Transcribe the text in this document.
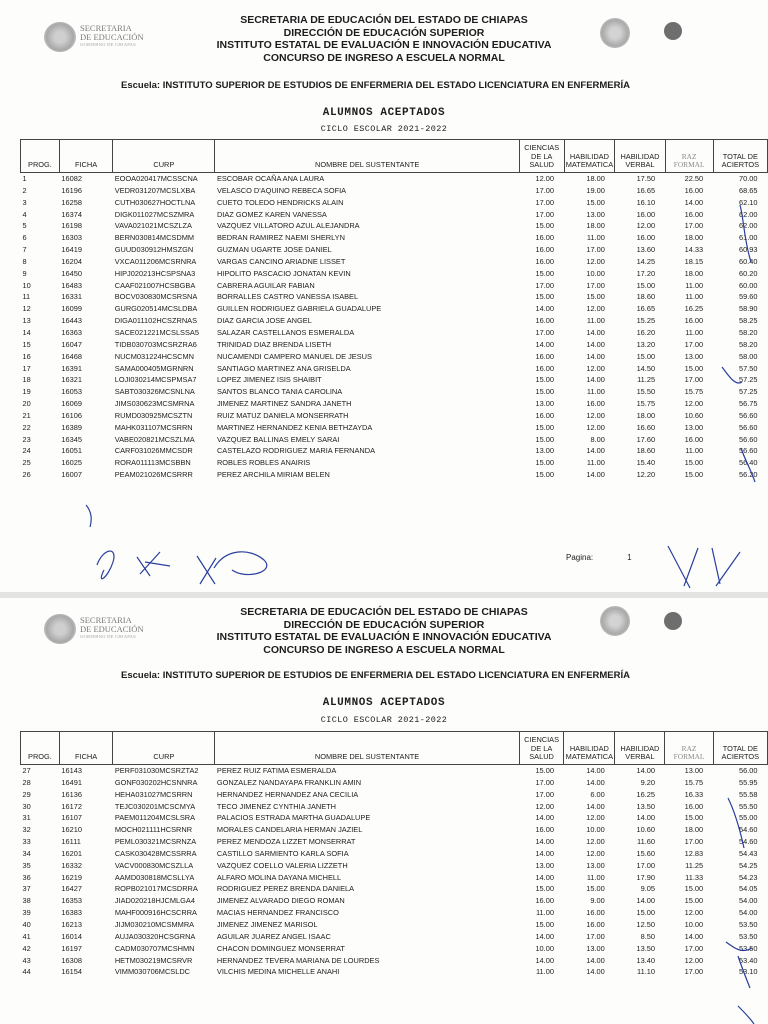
SECRETARIA
DE EDUCACIÓN
GOBIERNO DE CHIAPAS
SECRETARIA DE EDUCACIÓN DEL ESTADO DE CHIAPAS
DIRECCIÓN DE EDUCACIÓN SUPERIOR
INSTITUTO ESTATAL DE EVALUACIÓN E INNOVACIÓN EDUCATIVA
CONCURSO DE INGRESO A ESCUELA NORMAL
Escuela: INSTITUTO SUPERIOR DE ESTUDIOS DE ENFERMERIA DEL ESTADO LICENCIATURA EN ENFERMERÍA
ALUMNOS ACEPTADOS
CICLO ESCOLAR 2021-2022
PROG.	FICHA	CURP	NOMBRE DEL SUSTENTANTE	CIENCIAS DE LA SALUD	HABILIDAD MATEMATICA	HABILIDAD VERBAL	RAZ FORMAL	TOTAL DE ACIERTOS
1	16082	EOOA020417MCSSCNA	ESCOBAR OCAÑA ANA LAURA	12.00	18.00	17.50	22.50	70.00
2	16196	VEDR031207MCSLXBA	VELASCO D'AQUINO REBECA SOFIA	17.00	19.00	16.65	16.00	68.65
3	16258	CUTH030627HOCTLNA	CUETO TOLEDO HENDRICKS ALAIN	17.00	15.00	16.10	14.00	62.10
4	16374	DIGK011027MCSZMRA	DIAZ GOMEZ KAREN VANESSA	17.00	13.00	16.00	16.00	62.00
5	16198	VAVA021021MCSZLZA	VAZQUEZ VILLATORO AZUL ALEJANDRA	15.00	18.00	12.00	17.00	62.00
6	16303	BERN030814MCSDMM	BEDRAN RAMIREZ NAEMI SHERLYN	16.00	11.00	16.00	18.00	61.00
7	16419	GUUD030912HMSZGN	GUZMAN UGARTE JOSE DANIEL	16.00	17.00	13.60	14.33	60.93
8	16204	VXCA011206MCSRNRA	VARGAS CANCINO ARIADNE LISSET	16.00	12.00	14.25	18.15	60.40
9	16450	HIPJ020213HCSPSNA3	HIPOLITO PASCACIO JONATAN KEVIN	15.00	10.00	17.20	18.00	60.20
10	16483	CAAF021007HCSBGBA	CABRERA AGUILAR FABIAN	17.00	17.00	15.00	11.00	60.00
11	16331	BOCV030830MCSRSNA	BORRALLES CASTRO VANESSA ISABEL	15.00	15.00	18.60	11.00	59.60
12	16099	GURG020514MCSLDBA	GUILLEN RODRIGUEZ GABRIELA GUADALUPE	14.00	12.00	16.65	16.25	58.90
13	16443	DIGA011102HCSZRNAS	DIAZ GARCIA JOSE ANGEL	16.00	11.00	15.25	16.00	58.25
14	16363	SACE021221MCSLSSA5	SALAZAR CASTELLANOS ESMERALDA	17.00	14.00	16.20	11.00	58.20
15	16047	TIDB030703MCSRZRA6	TRINIDAD DIAZ BRENDA LISETH	14.00	14.00	13.20	17.00	58.20
16	16468	NUCM031224HCSCMN	NUCAMENDI CAMPERO MANUEL DE JESUS	16.00	14.00	15.00	13.00	58.00
17	16391	SAMA000405MGRNRN	SANTIAGO MARTINEZ ANA GRISELDA	16.00	12.00	14.50	15.00	57.50
18	16321	LOJI030214MCSPMSA7	LOPEZ JIMENEZ ISIS SHAIBIT	15.00	14.00	11.25	17.00	57.25
19	16053	SABT030326MCSNLNA	SANTOS BLANCO TANIA CAROLINA	15.00	11.00	15.50	15.75	57.25
20	16069	JIMS030623MCSMRNA	JIMENEZ MARTINEZ SANDRA JANETH	13.00	16.00	15.75	12.00	56.75
21	16106	RUMD030925MCSZTN	RUIZ MATUZ DANIELA MONSERRATH	16.00	12.00	18.00	10.60	56.60
22	16389	MAHK031107MCSRRN	MARTINEZ HERNANDEZ KENIA BETHZAYDA	15.00	12.00	16.60	13.00	56.60
23	16345	VABE020821MCSZLMA	VAZQUEZ BALLINAS EMELY SARAI	15.00	8.00	17.60	16.00	56.60
24	16051	CARF031026MMCSDR	CASTELAZO RODRIGUEZ MARIA FERNANDA	13.00	14.00	18.60	11.00	56.60
25	16025	RORA011113MCSBBN	ROBLES ROBLES ANAIRIS	15.00	11.00	15.40	15.00	56.40
26	16007	PEAM021026MCSRRR	PEREZ ARCHILA MIRIAM BELEN	15.00	14.00	12.20	15.00	56.20
Pagina:	1
SECRETARIA
DE EDUCACIÓN
GOBIERNO DE CHIAPAS
SECRETARIA DE EDUCACIÓN DEL ESTADO DE CHIAPAS
DIRECCIÓN DE EDUCACIÓN SUPERIOR
INSTITUTO ESTATAL DE EVALUACIÓN E INNOVACIÓN EDUCATIVA
CONCURSO DE INGRESO A ESCUELA NORMAL
Escuela: INSTITUTO SUPERIOR DE ESTUDIOS DE ENFERMERIA DEL ESTADO LICENCIATURA EN ENFERMERÍA
ALUMNOS ACEPTADOS
CICLO ESCOLAR 2021-2022
PROG.	FICHA	CURP	NOMBRE DEL SUSTENTANTE	CIENCIAS DE LA SALUD	HABILIDAD MATEMATICA	HABILIDAD VERBAL	RAZ FORMAL	TOTAL DE ACIERTOS
27	16143	PERF031030MCSRZTA2	PEREZ RUIZ FATIMA ESMERALDA	15.00	14.00	14.00	13.00	56.00
28	16491	GONF030202HCSNNRA	GONZALEZ NANDAYAPA FRANKLIN AMIN	17.00	14.00	9.20	15.75	55.95
29	16136	HEHA031027MCSRRN	HERNANDEZ HERNANDEZ ANA CECILIA	17.00	6.00	16.25	16.33	55.58
30	16172	TEJC030201MCSCMYA	TECO JIMENEZ CYNTHIA JANETH	12.00	14.00	13.50	16.00	55.50
31	16107	PAEM011204MCSLSRA	PALACIOS ESTRADA MARTHA GUADALUPE	14.00	12.00	14.00	15.00	55.00
32	16210	MOCH021111HCSRNR	MORALES CANDELARIA HERMAN JAZIEL	16.00	10.00	10.60	18.00	54.60
33	16111	PEML030321MCSRNZA	PEREZ MENDOZA LIZZET MONSERRAT	14.00	12.00	11.60	17.00	54.60
34	16201	CASK030428MCSSRRA	CASTILLO SARMIENTO KARLA SOFIA	14.00	12.00	15.60	12.83	54.43
35	16332	VACV000830MCSZLLA	VAZQUEZ COELLO VALERIA LIZZETH	13.00	13.00	17.00	11.25	54.25
36	16219	AAMD030818MCSLLYA	ALFARO MOLINA DAYANA MICHELL	14.00	11.00	17.90	11.33	54.23
37	16427	ROPB021017MCSDRRA	RODRIGUEZ PEREZ BRENDA DANIELA	15.00	15.00	9.05	15.00	54.05
38	16353	JIAD020218HJCMLGA4	JIMENEZ ALVARADO DIEGO ROMAN	16.00	9.00	14.00	15.00	54.00
39	16383	MAHF000916HCSCRRA	MACIAS HERNANDEZ FRANCISCO	11.00	16.00	15.00	12.00	54.00
40	16213	JIJM030210MCSMMRA	JIMENEZ JIMENEZ MARISOL	15.00	16.00	12.50	10.00	53.50
41	16014	AUJA030320HCSGRNA	AGUILAR JUAREZ ANGEL ISAAC	14.00	17.00	8.50	14.00	53.50
42	16197	CADM030707MCSHMN	CHACON DOMINGUEZ MONSERRAT	10.00	13.00	13.50	17.00	53.50
43	16308	HETM030219MCSRVR	HERNANDEZ TEVERA MARIANA DE LOURDES	14.00	14.00	13.40	12.00	53.40
44	16154	VIMM030706MCSLDC	VILCHIS MEDINA MICHELLE ANAHI	11.00	14.00	11.10	17.00	53.10
